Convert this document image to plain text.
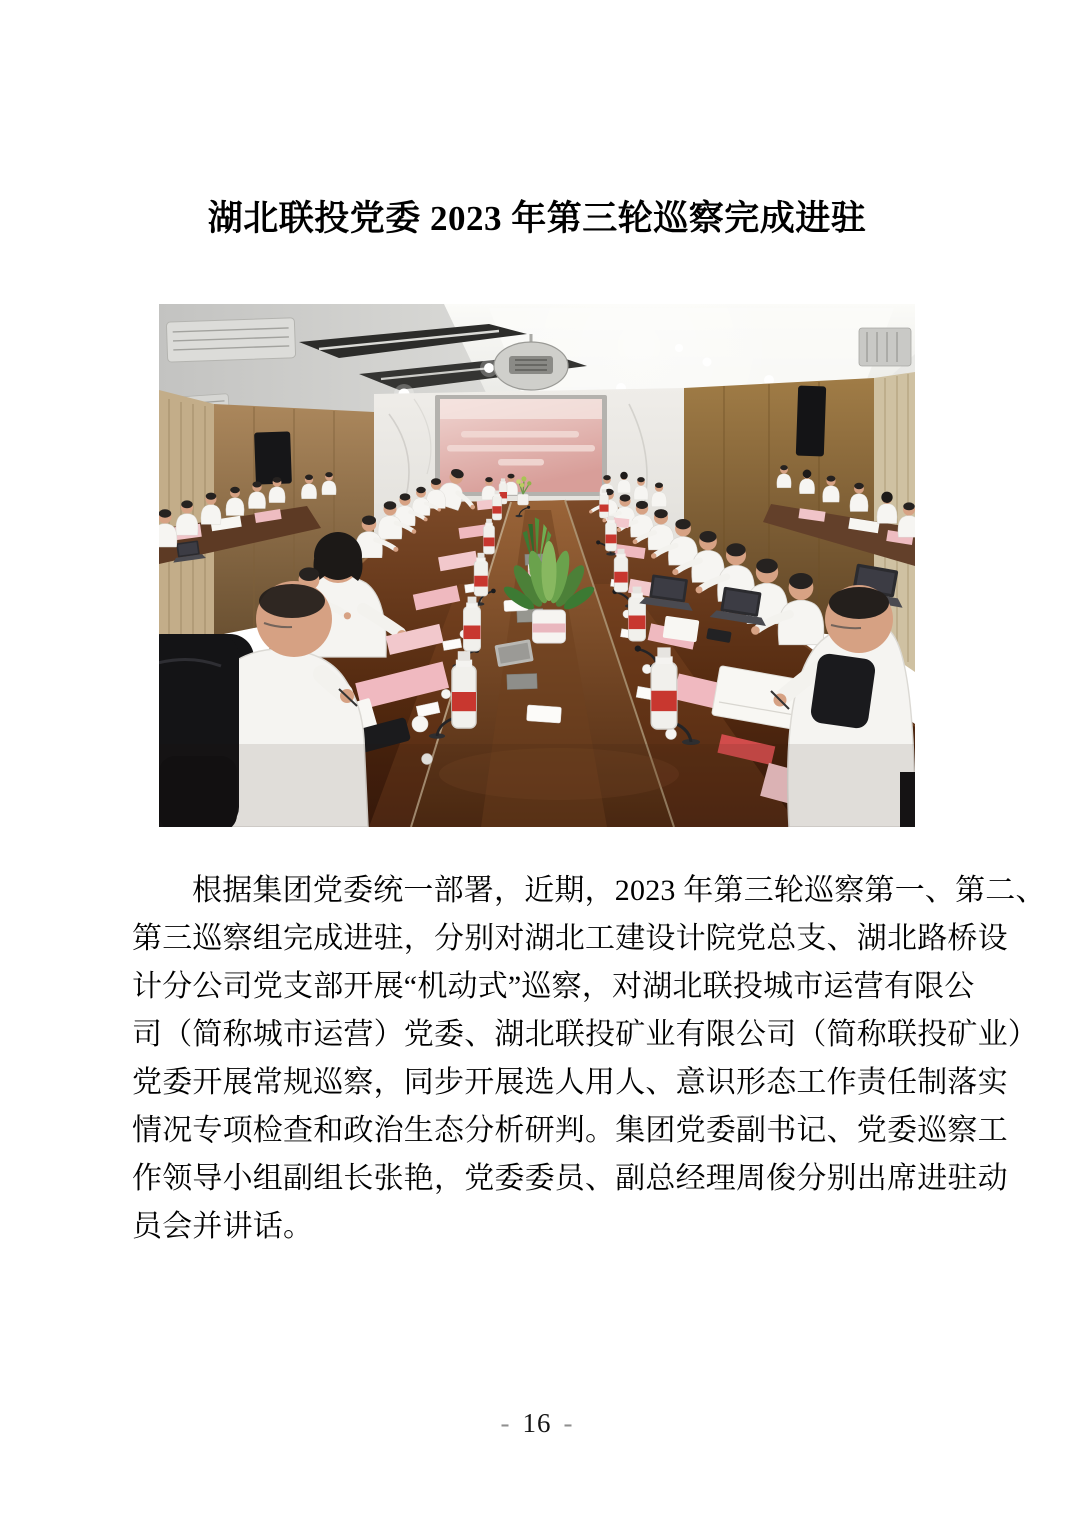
湖北联投党委 2023 年第三轮巡察完成进驻
根据集团党委统一部署，近期，2023 年第三轮巡察第一、第二、
第三巡察组完成进驻，分别对湖北工建设计院党总支、湖北路桥设
计分公司党支部开展“机动式”巡察，对湖北联投城市运营有限公
司（简称城市运营）党委、湖北联投矿业有限公司（简称联投矿业）
党委开展常规巡察，同步开展选人用人、意识形态工作责任制落实
情况专项检查和政治生态分析研判。集团党委副书记、党委巡察工
作领导小组副组长张艳，党委委员、副总经理周俊分别出席进驻动
员会并讲话。
- 16 -
